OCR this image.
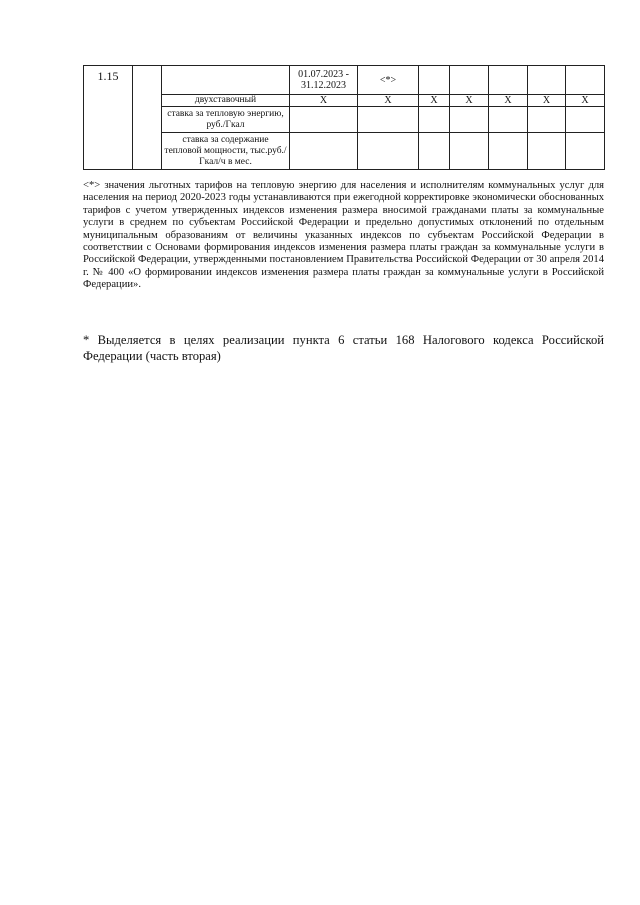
1.15			01.07.2023 - 31.12.2023	<*>					
		двухставочный	X	X	X	X	X	X	X
		ставка за тепловую энергию, руб./Гкал							
		ставка за содержание тепловой мощности, тыс.руб./Гкал/ч в мес.							

<*> значения льготных тарифов на тепловую энергию для населения и исполнителям коммунальных услуг для населения на период 2020-2023 годы устанавливаются при ежегодной корректировке экономически обоснованных тарифов с учетом утвержденных индексов изменения размера вносимой гражданами платы за коммунальные услуги в среднем по субъектам Российской Федерации и предельно допустимых отклонений по отдельным муниципальным образованиям от величины указанных индексов по субъектам Российской Федерации в соответствии с Основами формирования индексов изменения размера платы граждан за коммунальные услуги в Российской Федерации, утвержденными постановлением Правительства Российской Федерации от 30 апреля 2014 г. № 400 «О формировании индексов изменения размера платы граждан за коммунальные услуги в Российской Федерации».

* Выделяется в целях реализации пункта 6 статьи 168 Налогового кодекса Российской Федерации (часть вторая)
